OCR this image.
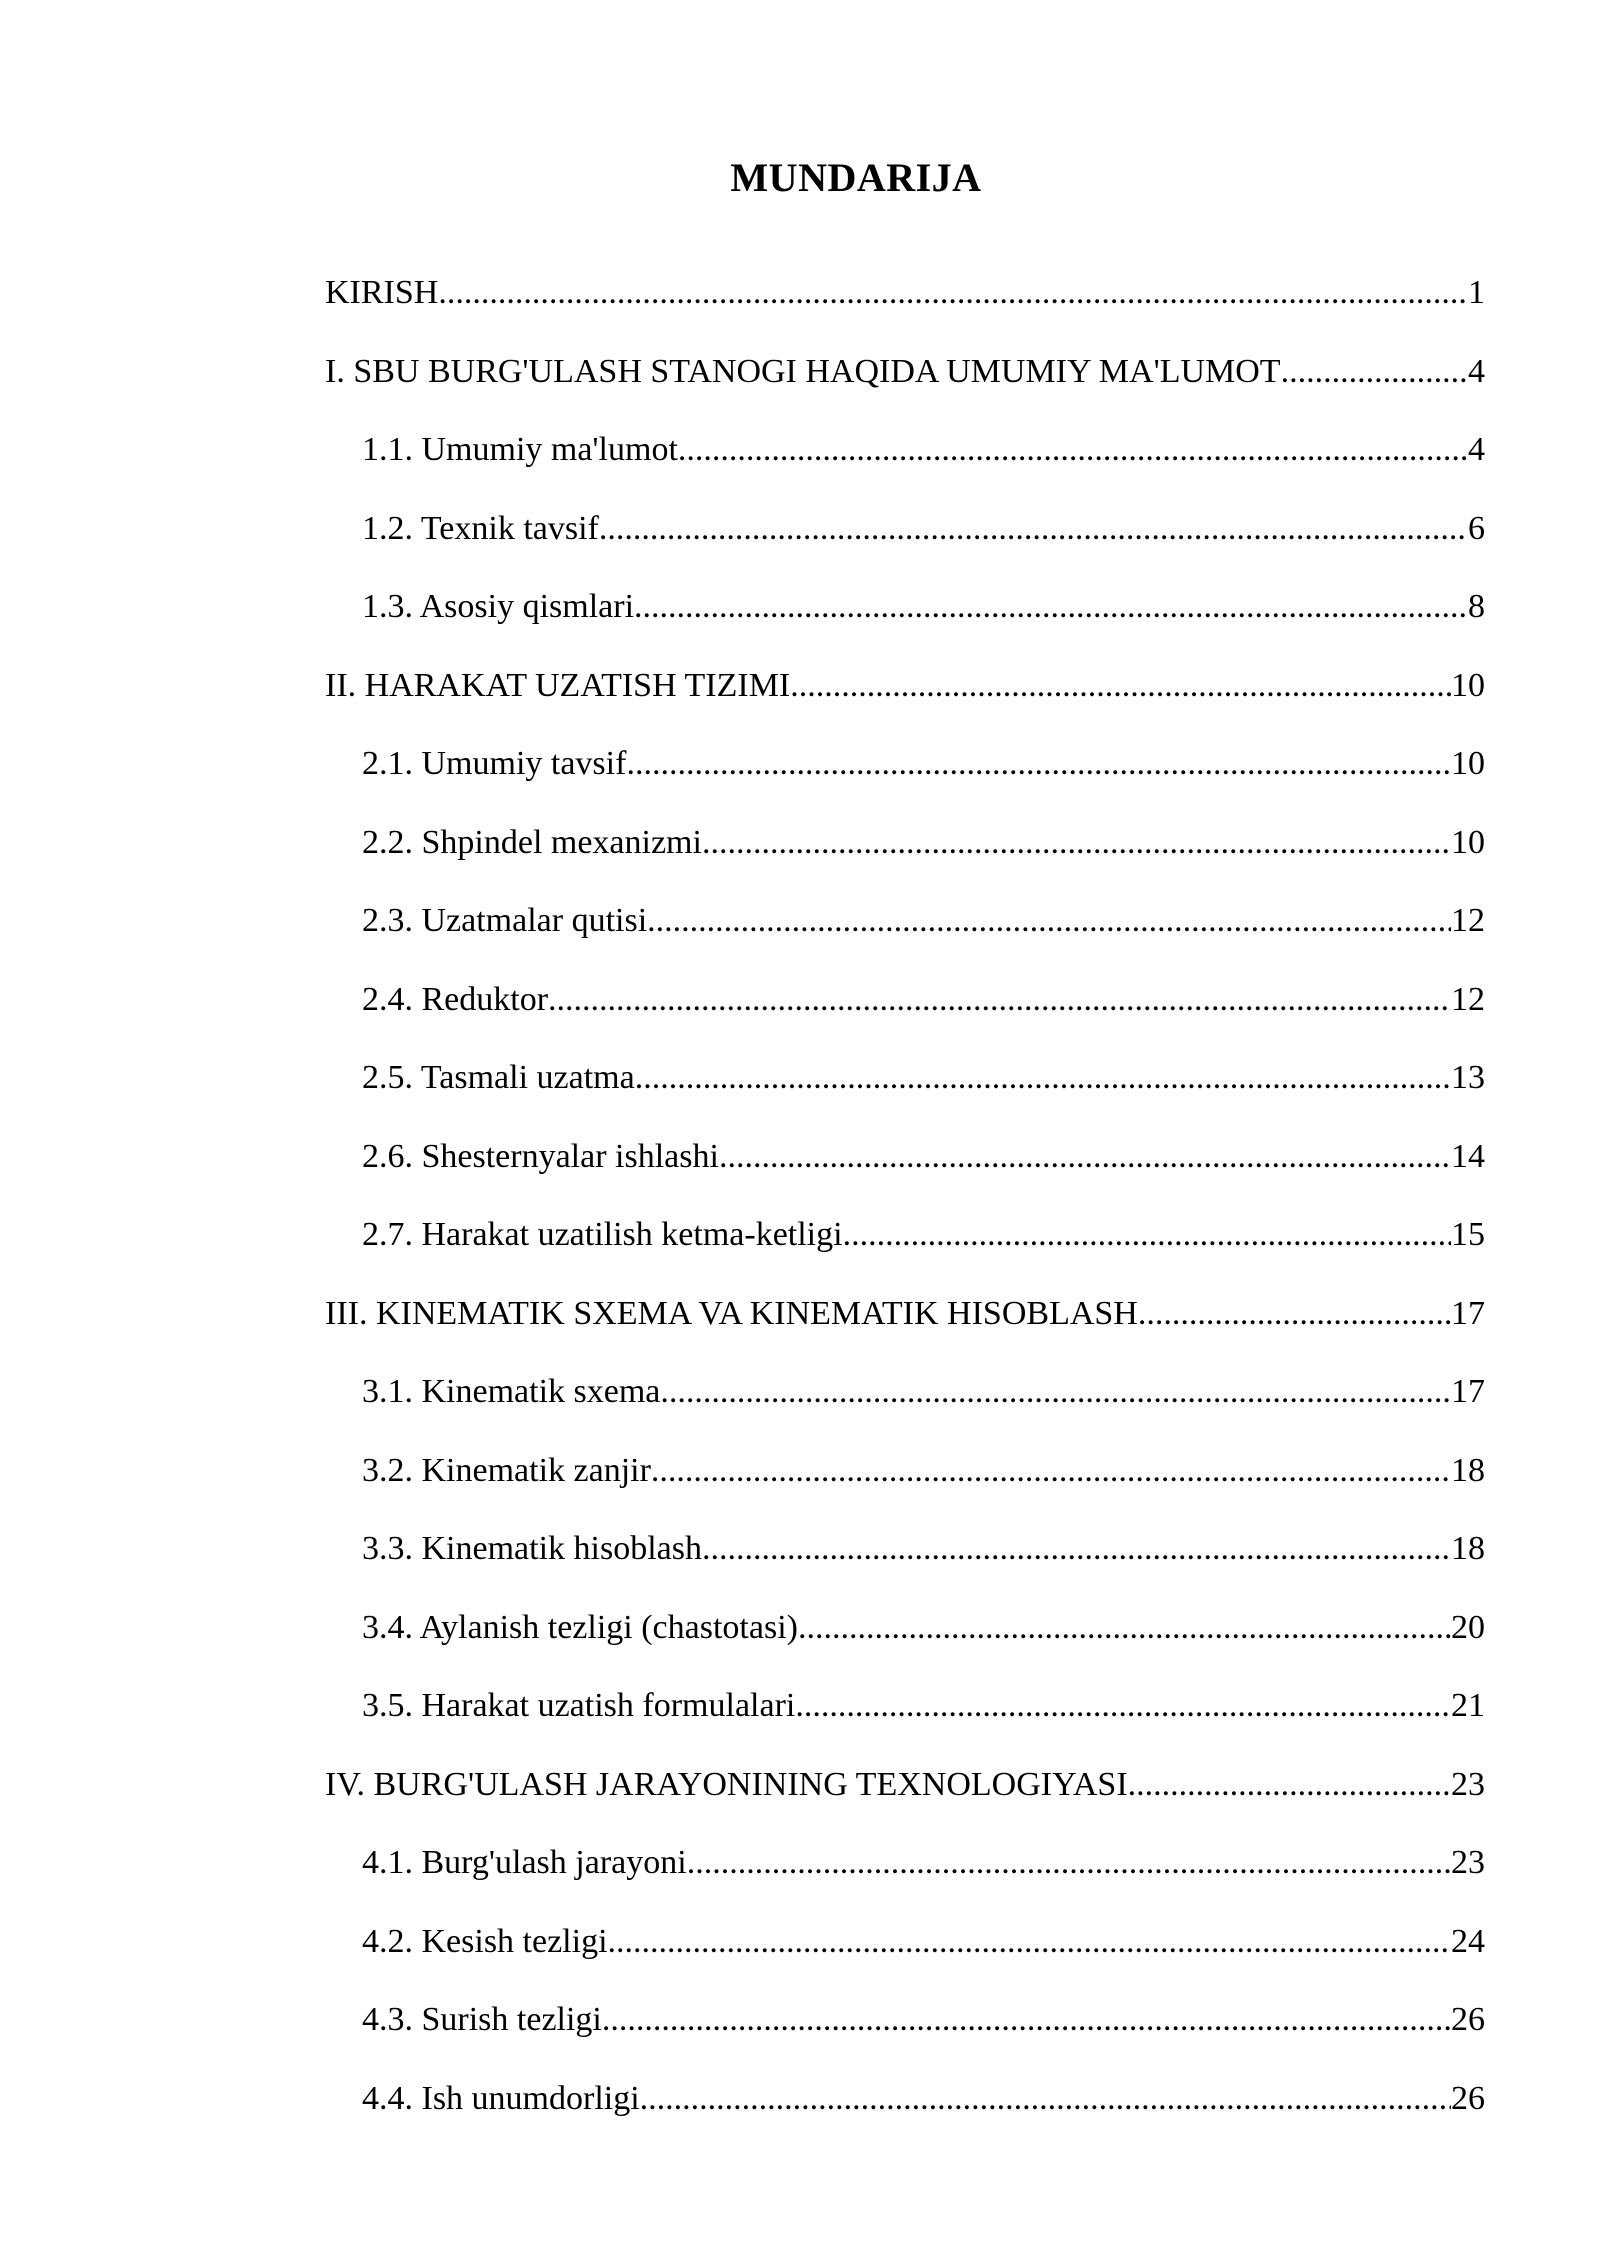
MUNDARIJA
KIRISH .....	1
I. SBU BURG'ULASH STANOGI HAQIDA UMUMIY MA'LUMOT .....	4
1.1. Umumiy ma'lumot .....	4
1.2. Texnik tavsif .....	6
1.3. Asosiy qismlari .....	8
II. HARAKAT UZATISH TIZIMI .....	10
2.1. Umumiy tavsif .....	10
2.2. Shpindel mexanizmi .....	10
2.3. Uzatmalar qutisi .....	12
2.4. Reduktor .....	12
2.5. Tasmali uzatma .....	13
2.6. Shesternyalar ishlashi .....	14
2.7. Harakat uzatilish ketma-ketligi .....	15
III. KINEMATIK SXEMA VA KINEMATIK HISOBLASH .....	17
3.1. Kinematik sxema .....	17
3.2. Kinematik zanjir .....	18
3.3. Kinematik hisoblash .....	18
3.4. Aylanish tezligi (chastotasi) .....	20
3.5. Harakat uzatish formulalari .....	21
IV. BURG'ULASH JARAYONINING TEXNOLOGIYASI .....	23
4.1. Burg'ulash jarayoni .....	23
4.2. Kesish tezligi .....	24
4.3. Surish tezligi .....	26
4.4. Ish unumdorligi .....	26
